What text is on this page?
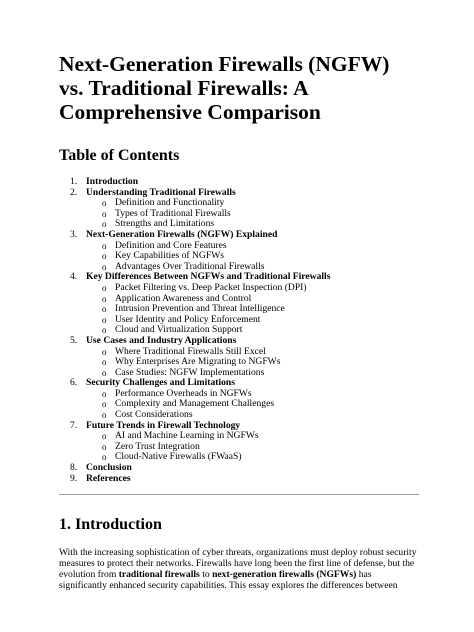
Next-Generation Firewalls (NGFW) vs. Traditional Firewalls: A Comprehensive Comparison
Table of Contents
1. Introduction
2. Understanding Traditional Firewalls
o Definition and Functionality
o Types of Traditional Firewalls
o Strengths and Limitations
3. Next-Generation Firewalls (NGFW) Explained
o Definition and Core Features
o Key Capabilities of NGFWs
o Advantages Over Traditional Firewalls
4. Key Differences Between NGFWs and Traditional Firewalls
o Packet Filtering vs. Deep Packet Inspection (DPI)
o Application Awareness and Control
o Intrusion Prevention and Threat Intelligence
o User Identity and Policy Enforcement
o Cloud and Virtualization Support
5. Use Cases and Industry Applications
o Where Traditional Firewalls Still Excel
o Why Enterprises Are Migrating to NGFWs
o Case Studies: NGFW Implementations
6. Security Challenges and Limitations
o Performance Overheads in NGFWs
o Complexity and Management Challenges
o Cost Considerations
7. Future Trends in Firewall Technology
o AI and Machine Learning in NGFWs
o Zero Trust Integration
o Cloud-Native Firewalls (FWaaS)
8. Conclusion
9. References
1. Introduction

With the increasing sophistication of cyber threats, organizations must deploy robust security measures to protect their networks. Firewalls have long been the first line of defense, but the evolution from traditional firewalls to next-generation firewalls (NGFWs) has significantly enhanced security capabilities. This essay explores the differences between
